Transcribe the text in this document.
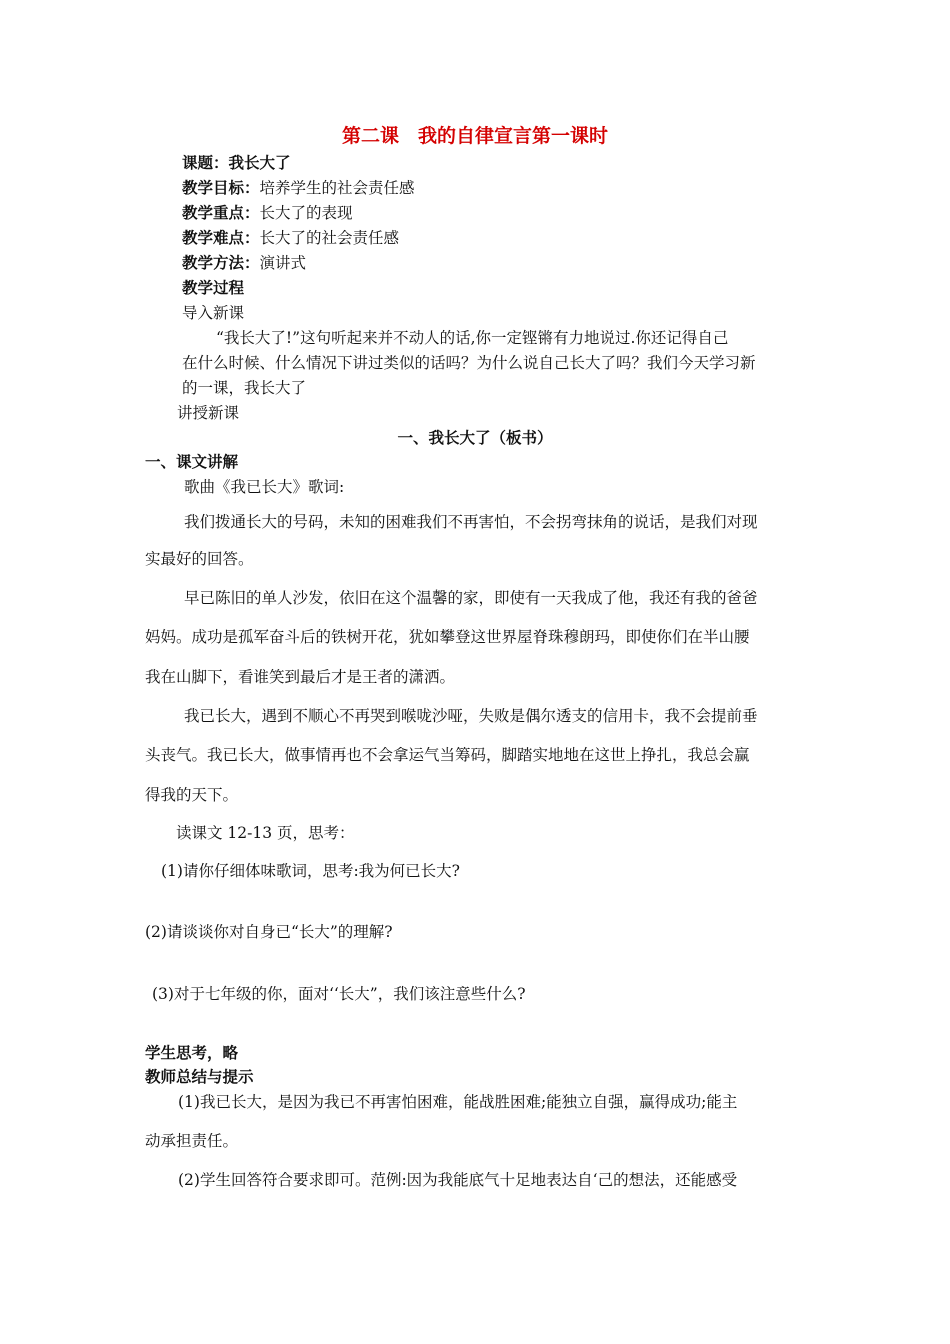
第二课　我的自律宣言第一课时
课题：我长大了
教学目标：培养学生的社会责任感
教学重点：长大了的表现
教学难点：长大了的社会责任感
教学方法：演讲式
教学过程
导入新课
“我长大了!”这句听起来并不动人的话,你一定铿锵有力地说过.你还记得自己
在什么时候、什么情况下讲过类似的话吗？为什么说自己长大了吗？我们今天学习新
的一课，我长大了
讲授新课
一、我长大了（板书）
一、课文讲解
歌曲《我已长大》歌词:
我们拨通长大的号码，未知的困难我们不再害怕，不会拐弯抹角的说话，是我们对现
实最好的回答。
早已陈旧的单人沙发，依旧在这个温馨的家，即使有一天我成了他，我还有我的爸爸
妈妈。成功是孤军奋斗后的铁树开花，犹如攀登这世界屋脊珠穆朗玛，即使你们在半山腰
我在山脚下，看谁笑到最后才是王者的潇洒。
我已长大，遇到不顺心不再哭到喉咙沙哑，失败是偶尔透支的信用卡，我不会提前垂
头丧气。我已长大，做事情再也不会拿运气当筹码，脚踏实地地在这世上挣扎，我总会赢
得我的天下。
读课文 12-13 页，思考：
(1)请你仔细体味歌词，思考:我为何已长大?
(2)请谈谈你对自身已“长大”的理解?
(3)对于七年级的你，面对‘‘长大”，我们该注意些什么?
学生思考，略
教师总结与提示
(1)我已长大，是因为我已不再害怕困难，能战胜困难;能独立自强，赢得成功;能主
动承担责任。
(2)学生回答符合要求即可。范例:因为我能底气十足地表达自‘己的想法，还能感受
